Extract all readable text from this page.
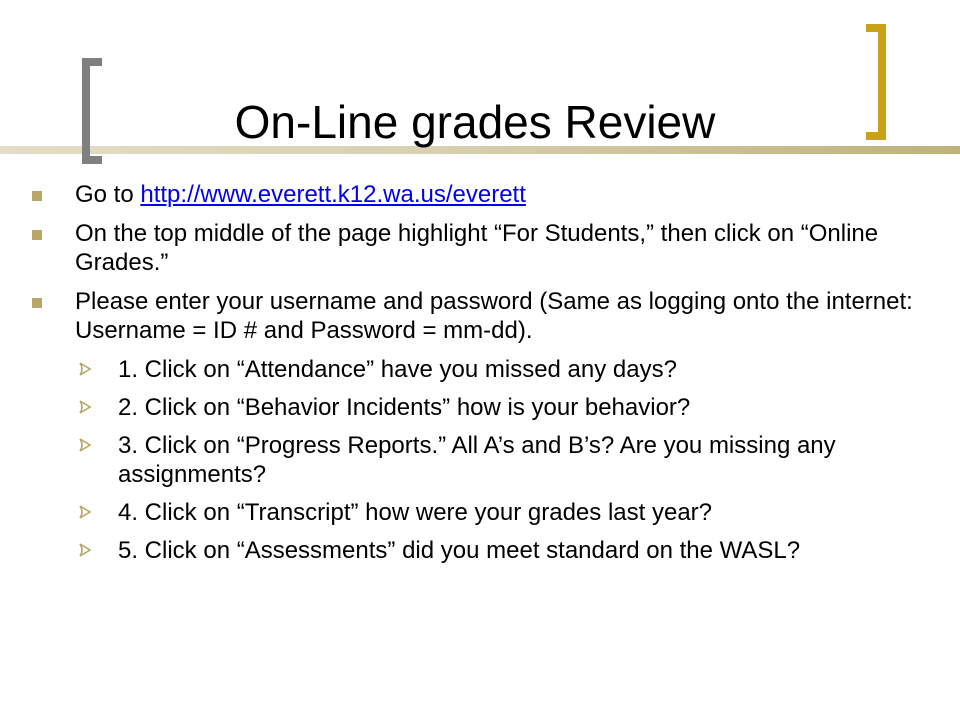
On-Line grades Review
Go to http://www.everett.k12.wa.us/everett
On the top middle of the page highlight “For Students,” then click on “Online Grades.”
Please enter your username and password (Same as logging onto the internet: Username = ID # and Password = mm-dd).
1. Click on “Attendance” have you missed any days?
2. Click on “Behavior Incidents” how is your behavior?
3. Click on “Progress Reports.” All A’s and B’s? Are you missing any assignments?
4. Click on “Transcript” how were your grades last year?
5. Click on “Assessments” did you meet standard on the WASL?
